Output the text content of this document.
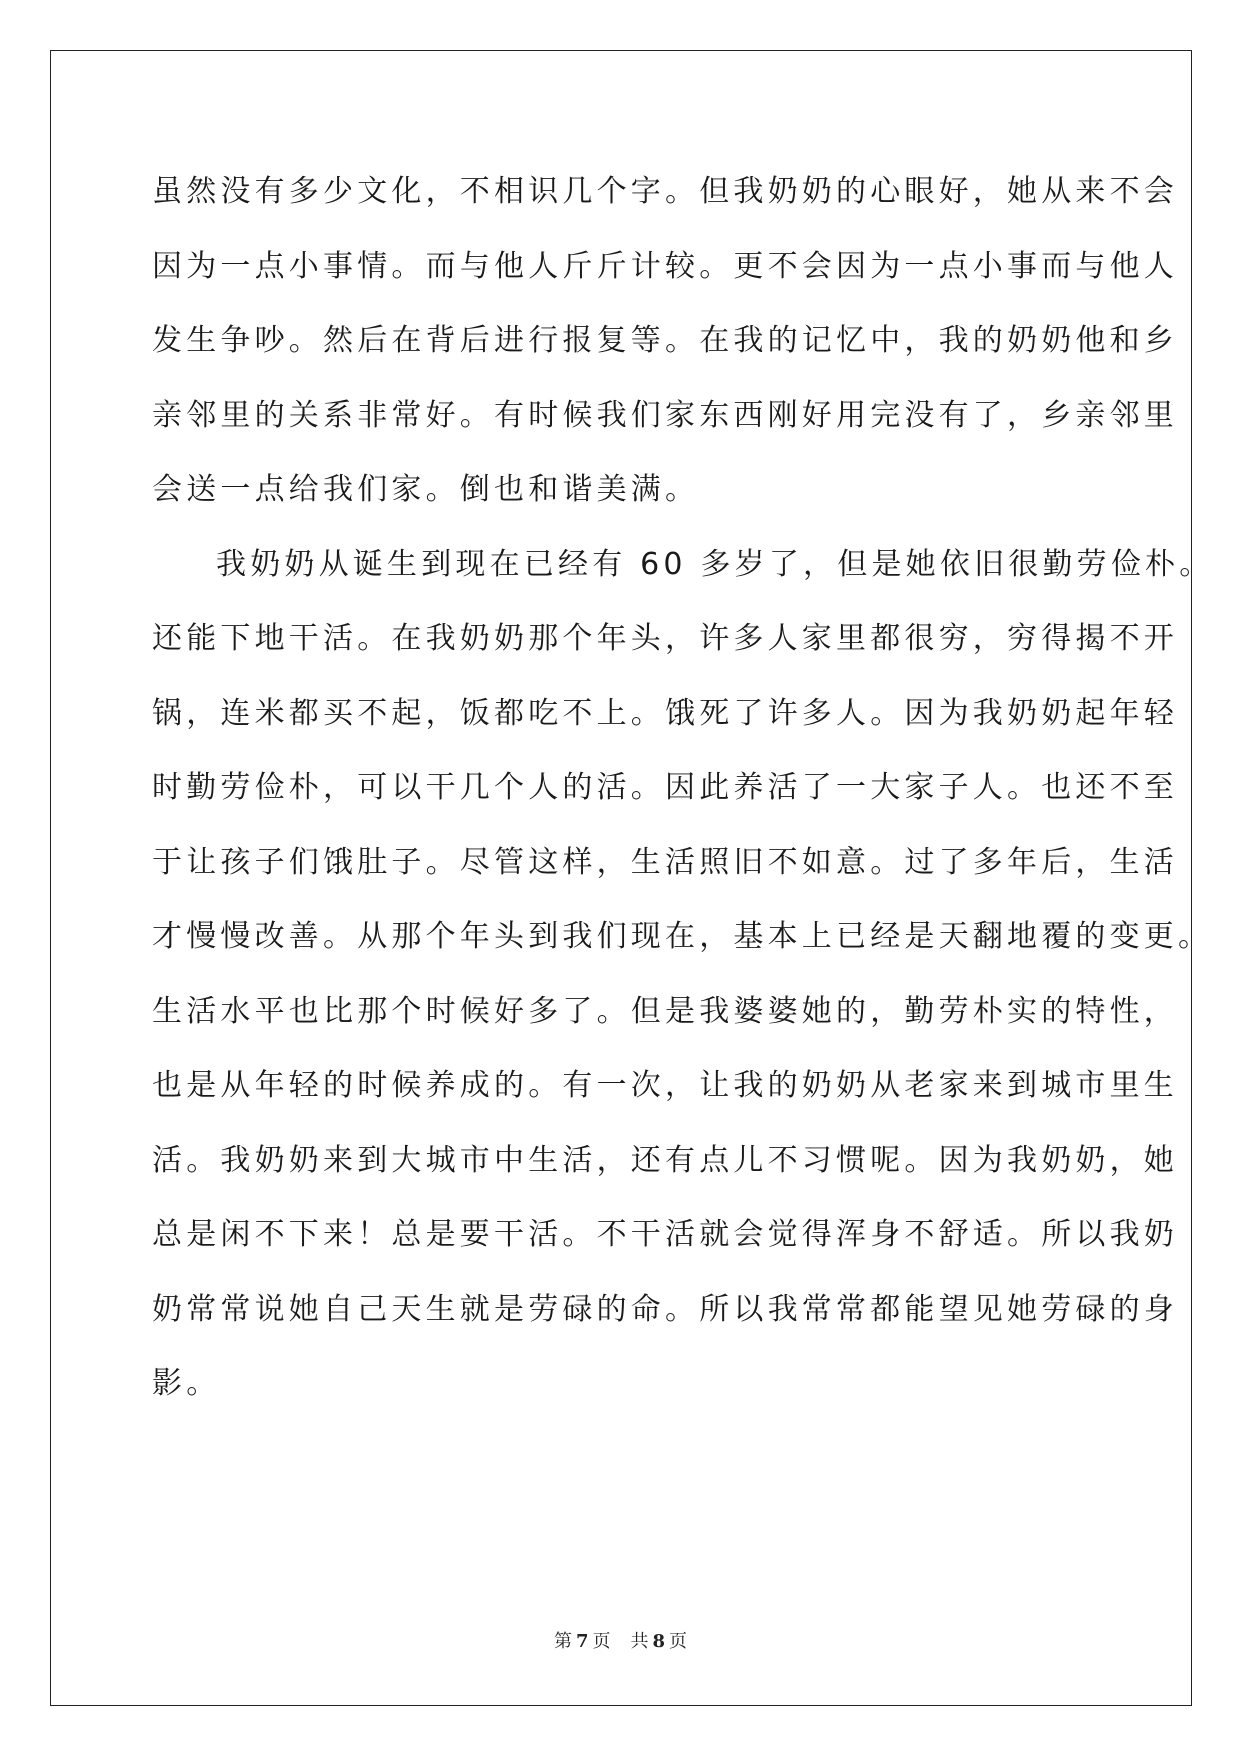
虽然没有多少文化，不相识几个字。但我奶奶的心眼好，她从来不会
因为一点小事情。而与他人斤斤计较。更不会因为一点小事而与他人
发生争吵。然后在背后进行报复等。在我的记忆中，我的奶奶他和乡
亲邻里的关系非常好。有时候我们家东西刚好用完没有了，乡亲邻里
会送一点给我们家。倒也和谐美满。
我奶奶从诞生到现在已经有 60 多岁了，但是她依旧很勤劳俭朴。
还能下地干活。在我奶奶那个年头，许多人家里都很穷，穷得揭不开
锅，连米都买不起，饭都吃不上。饿死了许多人。因为我奶奶起年轻
时勤劳俭朴，可以干几个人的活。因此养活了一大家子人。也还不至
于让孩子们饿肚子。尽管这样，生活照旧不如意。过了多年后，生活
才慢慢改善。从那个年头到我们现在，基本上已经是天翻地覆的变更。
生活水平也比那个时候好多了。但是我婆婆她的，勤劳朴实的特性，
也是从年轻的时候养成的。有一次，让我的奶奶从老家来到城市里生
活。我奶奶来到大城市中生活，还有点儿不习惯呢。因为我奶奶，她
总是闲不下来！总是要干活。不干活就会觉得浑身不舒适。所以我奶
奶常常说她自己天生就是劳碌的命。所以我常常都能望见她劳碌的身
影。
第 7 页 共 8 页
